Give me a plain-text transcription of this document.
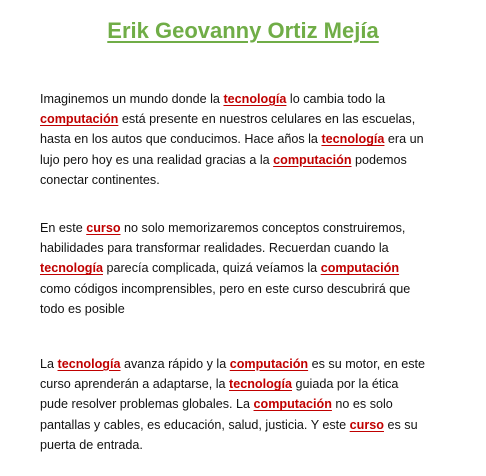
Erik Geovanny Ortiz Mejía
Imaginemos un mundo donde la tecnología lo cambia todo la
computación está presente en nuestros celulares en las escuelas,
hasta en los autos que conducimos. Hace años la tecnología era un
lujo pero hoy es una realidad gracias a la computación podemos
conectar continentes.
En este curso no solo memorizaremos conceptos construiremos,
habilidades para transformar realidades. Recuerdan cuando la
tecnología parecía complicada, quizá veíamos la computación
como códigos incomprensibles, pero en este curso descubrirá que
todo es posible
La tecnología avanza rápido y la computación es su motor, en este
curso aprenderán a adaptarse, la tecnología guiada por la ética
pude resolver problemas globales. La computación no es solo
pantallas y cables, es educación, salud, justicia. Y este curso es su
puerta de entrada.
